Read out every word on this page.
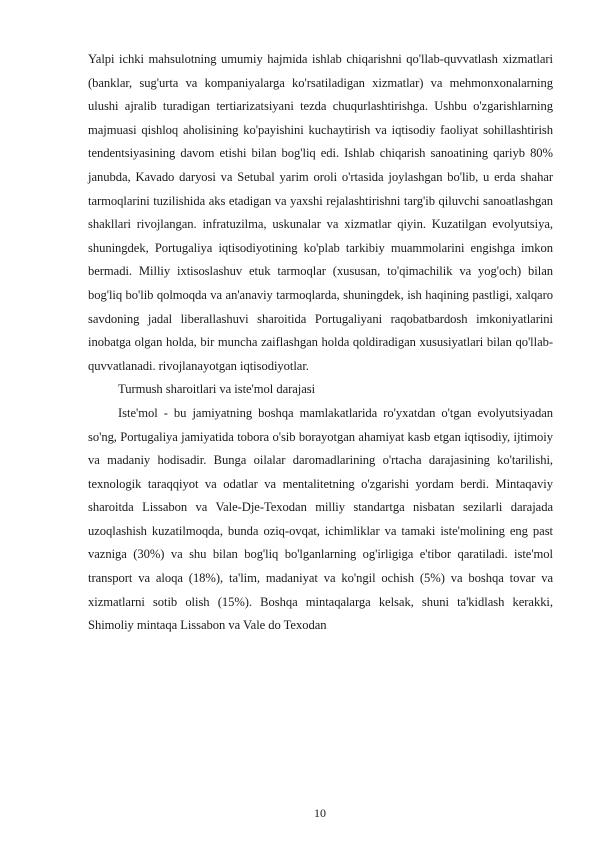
Yalpi ichki mahsulotning umumiy hajmida ishlab chiqarishni qo'llab-quvvatlash xizmatlari (banklar, sug'urta va kompaniyalarga ko'rsatiladigan xizmatlar) va mehmonxonalarning ulushi ajralib turadigan tertiarizatsiyani tezda chuqurlashtirishga. Ushbu o'zgarishlarning majmuasi qishloq aholisining ko'payishini kuchaytirish va iqtisodiy faoliyat sohillashtirish tendentsiyasining davom etishi bilan bog'liq edi. Ishlab chiqarish sanoatining qariyb 80% janubda, Kavado daryosi va Setubal yarim oroli o'rtasida joylashgan bo'lib, u erda shahar tarmoqlarini tuzilishida aks etadigan va yaxshi rejalashtirishni targ'ib qiluvchi sanoatlashgan shakllari rivojlangan. infratuzilma, uskunalar va xizmatlar qiyin. Kuzatilgan evolyutsiya, shuningdek, Portugaliya iqtisodiyotining ko'plab tarkibiy muammolarini engishga imkon bermadi. Milliy ixtisoslashuv etuk tarmoqlar (xususan, to'qimachilik va yog'och) bilan bog'liq bo'lib qolmoqda va an'anaviy tarmoqlarda, shuningdek, ish haqining pastligi, xalqaro savdoning jadal liberallashuvi sharoitida Portugaliyani raqobatbardosh imkoniyatlarini inobatga olgan holda, bir muncha zaiflashgan holda qoldiradigan xususiyatlari bilan qo'llab-quvvatlanadi. rivojlanayotgan iqtisodiyotlar.

Turmush sharoitlari va iste'mol darajasi

Iste'mol - bu jamiyatning boshqa mamlakatlarida ro'yxatdan o'tgan evolyutsiyadan so'ng, Portugaliya jamiyatida tobora o'sib borayotgan ahamiyat kasb etgan iqtisodiy, ijtimoiy va madaniy hodisadir. Bunga oilalar daromadlarining o'rtacha darajasining ko'tarilishi, texnologik taraqqiyot va odatlar va mentalitetning o'zgarishi yordam berdi. Mintaqaviy sharoitda Lissabon va Vale-Dje-Texodan milliy standartga nisbatan sezilarli darajada uzoqlashish kuzatilmoqda, bunda oziq-ovqat, ichimliklar va tamaki iste'molining eng past vazniga (30%) va shu bilan bog'liq bo'lganlarning og'irligiga e'tibor qaratiladi. iste'mol transport va aloqa (18%), ta'lim, madaniyat va ko'ngil ochish (5%) va boshqa tovar va xizmatlarni sotib olish (15%). Boshqa mintaqalarga kelsak, shuni ta'kidlash kerakki, Shimoliy mintaqa Lissabon va Vale do Texodan

10
